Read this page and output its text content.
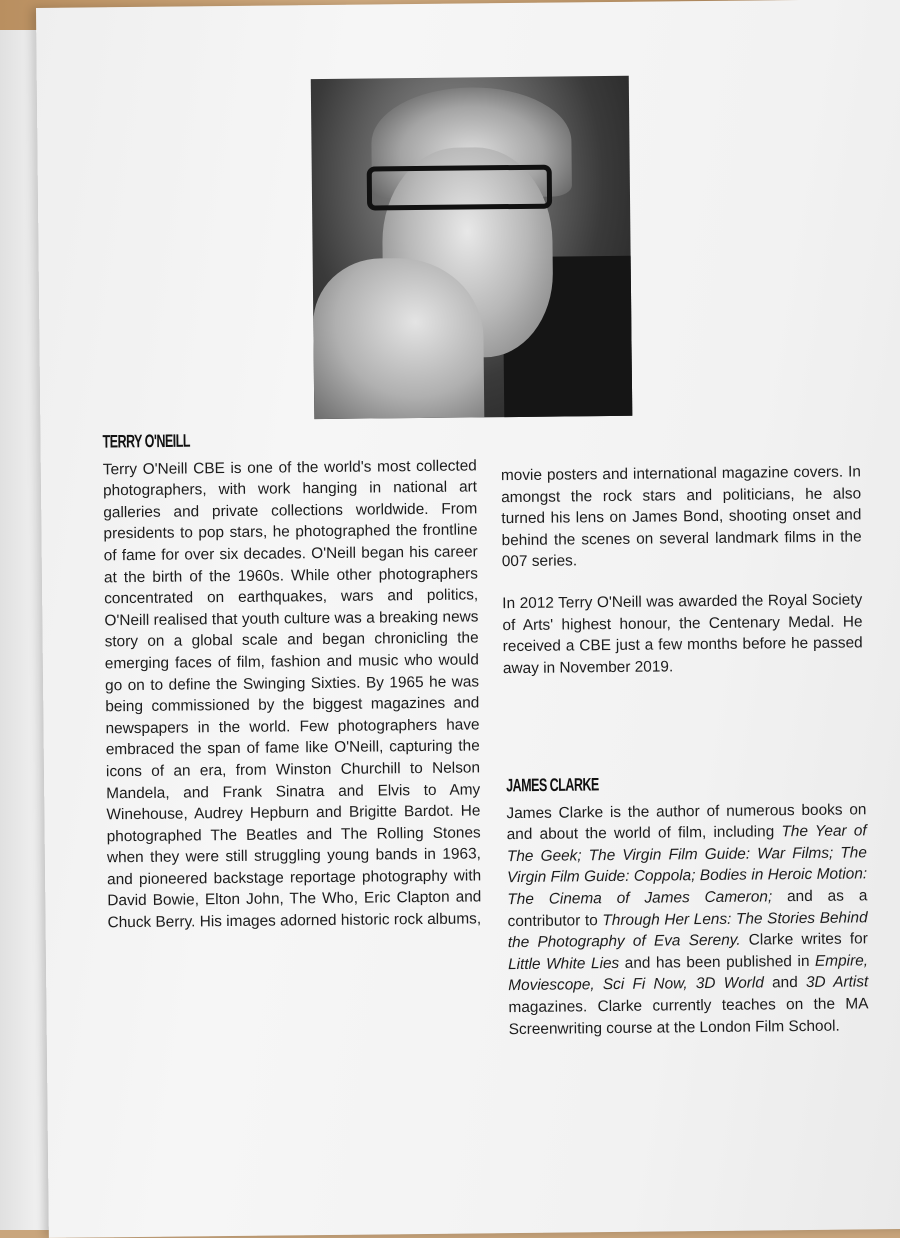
TERRY O'NEILL

Terry O'Neill CBE is one of the world's most collected photographers, with work hanging in national art galleries and private collections worldwide. From presidents to pop stars, he photographed the frontline of fame for over six decades. O'Neill began his career at the birth of the 1960s. While other photographers concentrated on earthquakes, wars and politics, O'Neill realised that youth culture was a breaking news story on a global scale and began chronicling the emerging faces of film, fashion and music who would go on to define the Swinging Sixties. By 1965 he was being commissioned by the biggest magazines and newspapers in the world. Few photographers have embraced the span of fame like O'Neill, capturing the icons of an era, from Winston Churchill to Nelson Mandela, and Frank Sinatra and Elvis to Amy Winehouse, Audrey Hepburn and Brigitte Bardot. He photographed The Beatles and The Rolling Stones when they were still struggling young bands in 1963, and pioneered backstage reportage photography with David Bowie, Elton John, The Who, Eric Clapton and Chuck Berry. His images adorned historic rock albums,

movie posters and international magazine covers. In amongst the rock stars and politicians, he also turned his lens on James Bond, shooting onset and behind the scenes on several landmark films in the 007 series.

In 2012 Terry O'Neill was awarded the Royal Society of Arts' highest honour, the Centenary Medal. He received a CBE just a few months before he passed away in November 2019.

JAMES CLARKE

James Clarke is the author of numerous books on and about the world of film, including The Year of The Geek; The Virgin Film Guide: War Films; The Virgin Film Guide: Coppola; Bodies in Heroic Motion: The Cinema of James Cameron; and as a contributor to Through Her Lens: The Stories Behind the Photography of Eva Sereny. Clarke writes for Little White Lies and has been published in Empire, Moviescope, Sci Fi Now, 3D World and 3D Artist magazines. Clarke currently teaches on the MA Screenwriting course at the London Film School.
